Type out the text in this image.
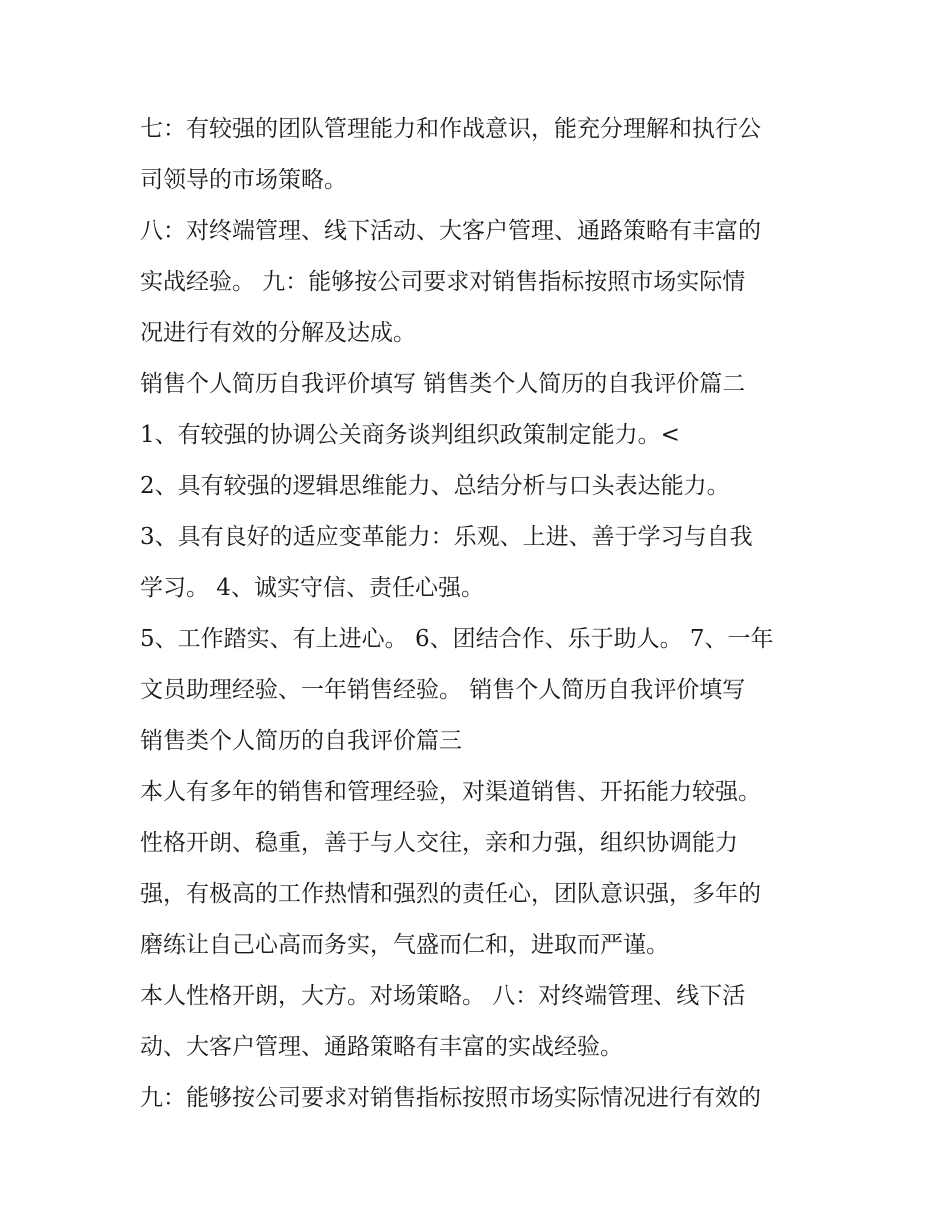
七：有较强的团队管理能力和作战意识，能充分理解和执行公
司领导的市场策略。
八：对终端管理、线下活动、大客户管理、通路策略有丰富的
实战经验。 九：能够按公司要求对销售指标按照市场实际情
况进行有效的分解及达成。
销售个人简历自我评价填写 销售类个人简历的自我评价篇二
1、有较强的协调公关商务谈判组织政策制定能力。<
2、具有较强的逻辑思维能力、总结分析与口头表达能力。
3、具有良好的适应变革能力：乐观、上进、善于学习与自我
学习。 4、诚实守信、责任心强。
5、工作踏实、有上进心。 6、团结合作、乐于助人。 7、一年
文员助理经验、一年销售经验。 销售个人简历自我评价填写
销售类个人简历的自我评价篇三
本人有多年的销售和管理经验，对渠道销售、开拓能力较强。
性格开朗、稳重，善于与人交往，亲和力强，组织协调能力
强，有极高的工作热情和强烈的责任心，团队意识强，多年的
磨练让自己心高而务实，气盛而仁和，进取而严谨。
本人性格开朗，大方。对场策略。 八：对终端管理、线下活
动、大客户管理、通路策略有丰富的实战经验。
九：能够按公司要求对销售指标按照市场实际情况进行有效的
